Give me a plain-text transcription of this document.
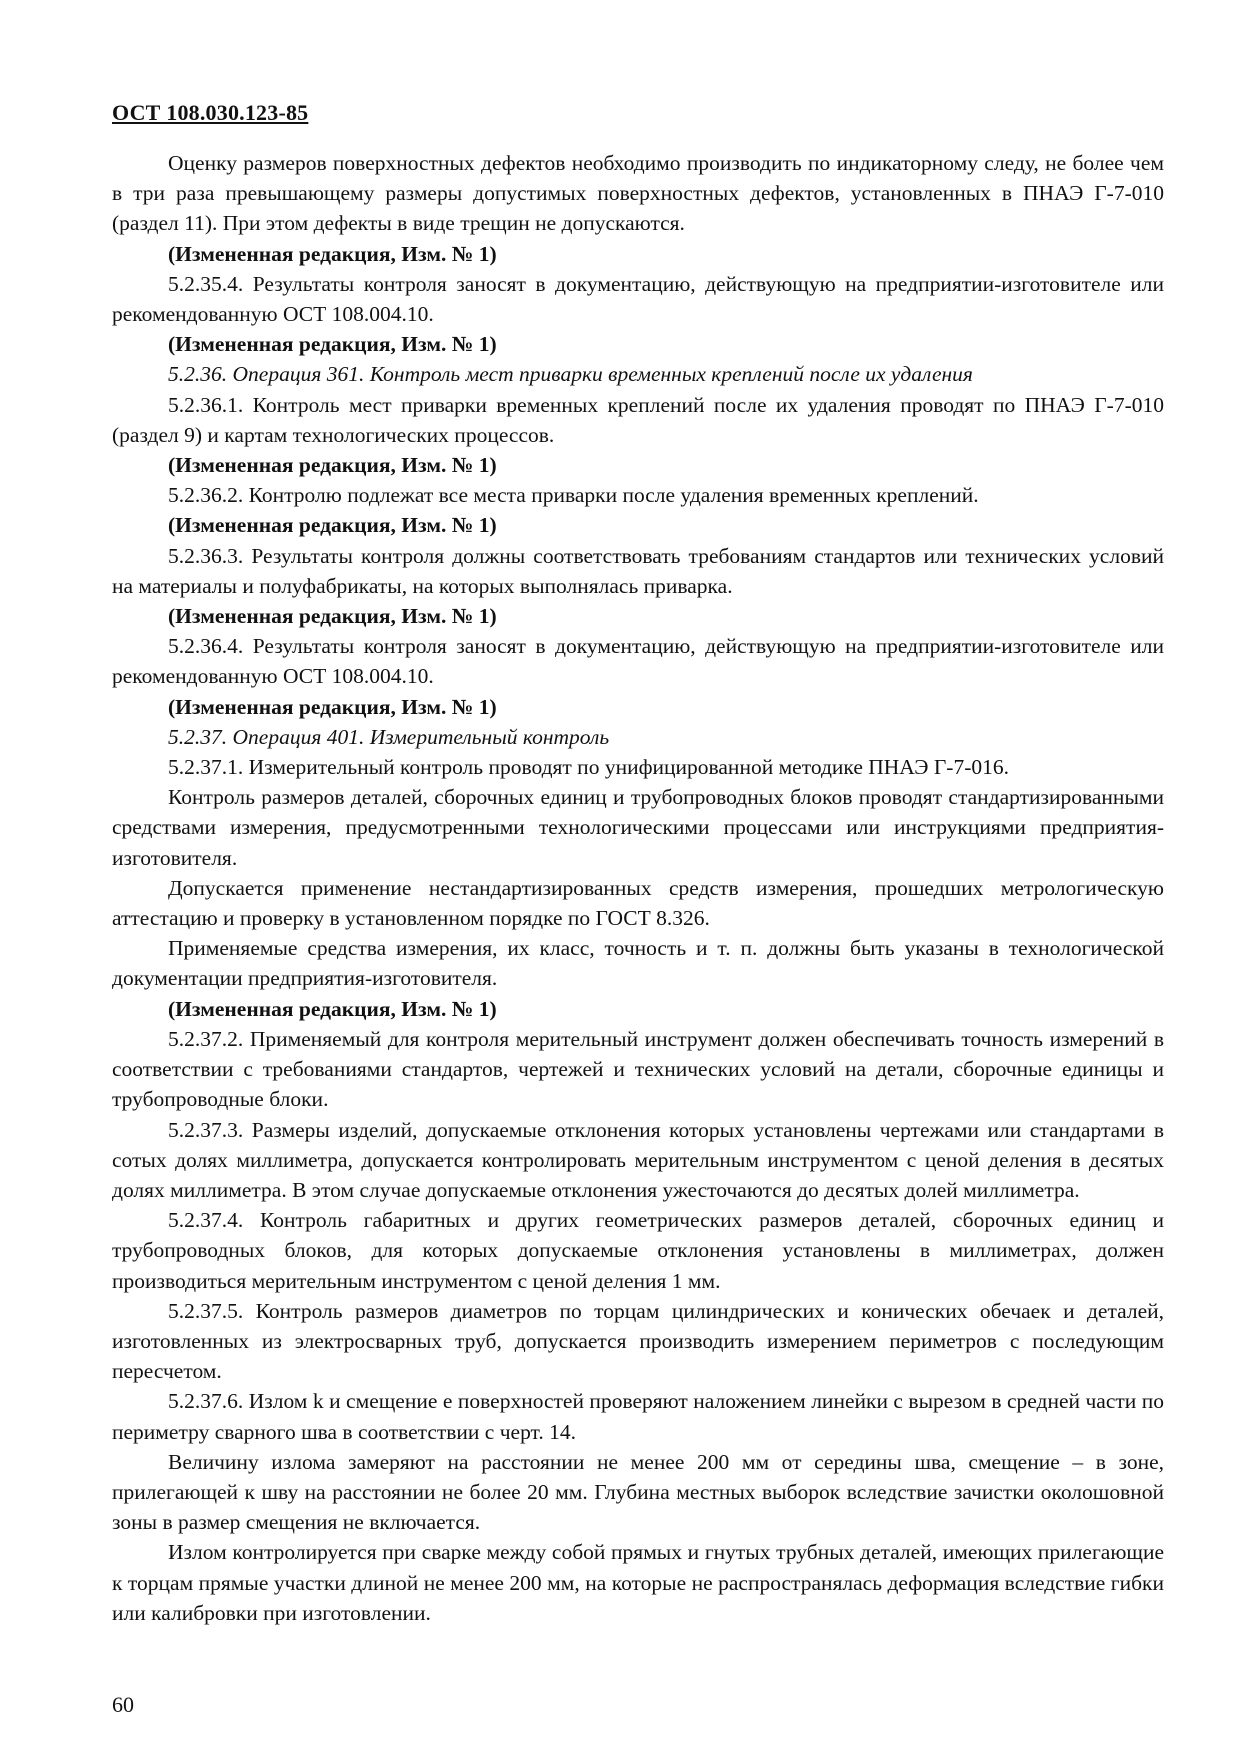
ОСТ 108.030.123-85

Оценку размеров поверхностных дефектов необходимо производить по индикаторному следу, не более чем в три раза превышающему размеры допустимых поверхностных дефектов, установленных в ПНАЭ Г-7-010 (раздел 11). При этом дефекты в виде трещин не допускаются.

(Измененная редакция, Изм. № 1)

5.2.35.4. Результаты контроля заносят в документацию, действующую на предприятии-изготовителе или рекомендованную ОСТ 108.004.10.

(Измененная редакция, Изм. № 1)

5.2.36. Операция 361. Контроль мест приварки временных креплений после их удаления

5.2.36.1. Контроль мест приварки временных креплений после их удаления проводят по ПНАЭ Г-7-010 (раздел 9) и картам технологических процессов.

(Измененная редакция, Изм. № 1)

5.2.36.2. Контролю подлежат все места приварки после удаления временных креплений.

(Измененная редакция, Изм. № 1)

5.2.36.3. Результаты контроля должны соответствовать требованиям стандартов или технических условий на материалы и полуфабрикаты, на которых выполнялась приварка.

(Измененная редакция, Изм. № 1)

5.2.36.4. Результаты контроля заносят в документацию, действующую на предприятии-изготовителе или рекомендованную ОСТ 108.004.10.

(Измененная редакция, Изм. № 1)

5.2.37. Операция 401. Измерительный контроль

5.2.37.1. Измерительный контроль проводят по унифицированной методике ПНАЭ Г-7-016.

Контроль размеров деталей, сборочных единиц и трубопроводных блоков проводят стандартизированными средствами измерения, предусмотренными технологическими процессами или инструкциями предприятия-изготовителя.

Допускается применение нестандартизированных средств измерения, прошедших метрологическую аттестацию и проверку в установленном порядке по ГОСТ 8.326.

Применяемые средства измерения, их класс, точность и т. п. должны быть указаны в технологической документации предприятия-изготовителя.

(Измененная редакция, Изм. № 1)

5.2.37.2. Применяемый для контроля мерительный инструмент должен обеспечивать точность измерений в соответствии с требованиями стандартов, чертежей и технических условий на детали, сборочные единицы и трубопроводные блоки.

5.2.37.3. Размеры изделий, допускаемые отклонения которых установлены чертежами или стандартами в сотых долях миллиметра, допускается контролировать мерительным инструментом с ценой деления в десятых долях миллиметра. В этом случае допускаемые отклонения ужесточаются до десятых долей миллиметра.

5.2.37.4. Контроль габаритных и других геометрических размеров деталей, сборочных единиц и трубопроводных блоков, для которых допускаемые отклонения установлены в миллиметрах, должен производиться мерительным инструментом с ценой деления 1 мм.

5.2.37.5. Контроль размеров диаметров по торцам цилиндрических и конических обечаек и деталей, изготовленных из электросварных труб, допускается производить измерением периметров с последующим пересчетом.

5.2.37.6. Излом k и смещение e поверхностей проверяют наложением линейки с вырезом в средней части по периметру сварного шва в соответствии с черт. 14.

Величину излома замеряют на расстоянии не менее 200 мм от середины шва, смещение – в зоне, прилегающей к шву на расстоянии не более 20 мм. Глубина местных выборок вследствие зачистки околошовной зоны в размер смещения не включается.

Излом контролируется при сварке между собой прямых и гнутых трубных деталей, имеющих прилегающие к торцам прямые участки длиной не менее 200 мм, на которые не распространялась деформация вследствие гибки или калибровки при изготовлении.

60
